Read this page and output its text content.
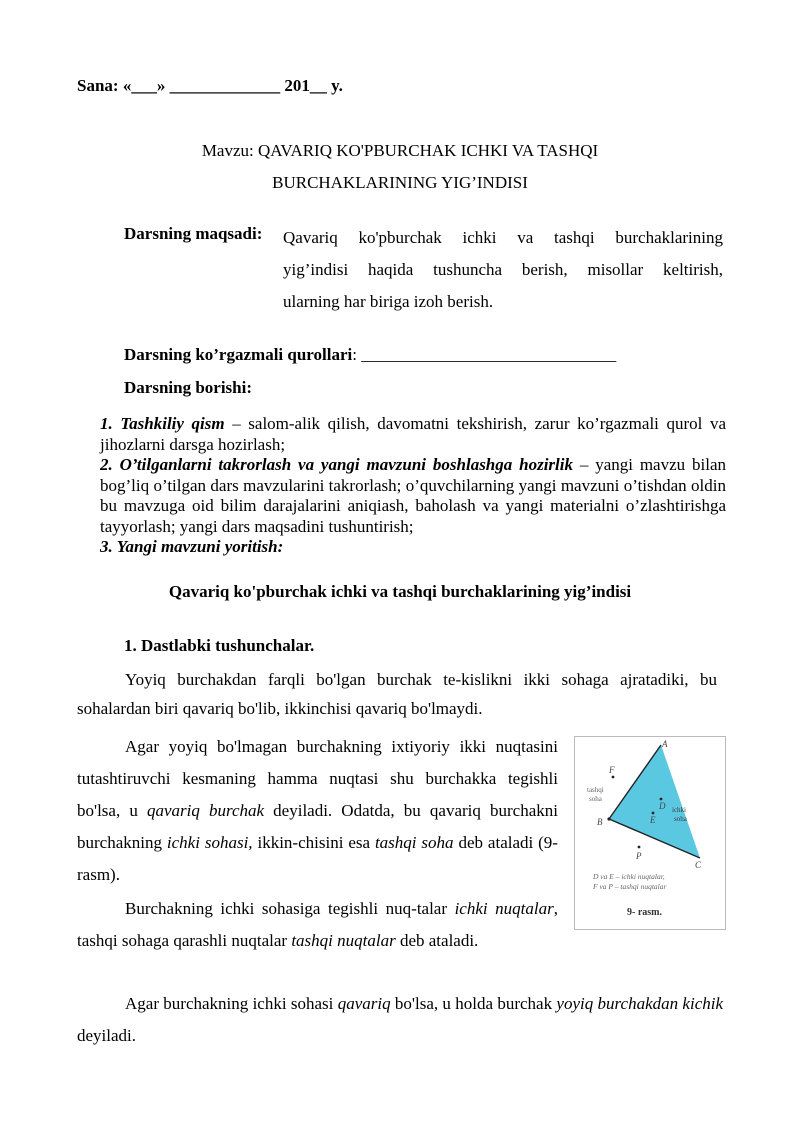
Sana: «___» _____________ 201__ y.
Mavzu: QAVARIQ KO'PBURCHAK ICHKI VA TASHQI
BURCHAKLARINING YIG’INDISI
Darsning maqsadi: Qavariq ko'pburchak ichki va tashqi burchaklarining
yig’indisi haqida tushuncha berish, misollar keltirish,
ularning har biriga izoh berish.
Darsning ko’rgazmali qurollari: ______________________________
Darsning borishi:
1. Tashkiliy qism – salom-alik qilish, davomatni tekshirish, zarur ko’rgazmali qurol va jihozlarni darsga hozirlash;
2. O’tilganlarni takrorlash va yangi mavzuni boshlashga hozirlik – yangi mavzu bilan bog’liq o’tilgan dars mavzularini takrorlash; o’quvchilarning yangi mavzuni o’tishdan oldin bu mavzuga oid bilim darajalarini aniqiash, baholash va yangi materialni o’zlashtirishga tayyorlash; yangi dars maqsadini tushuntirish;
3. Yangi mavzuni yoritish:
Qavariq ko'pburchak ichki va tashqi burchaklarining yig’indisi
1. Dastlabki tushunchalar.
Yoyiq burchakdan farqli bo'lgan burchak te-kislikni ikki sohaga ajratadiki, bu sohalardan biri qavariq bo'lib, ikkinchisi qavariq bo'lmaydi.
Agar yoyiq bo'lmagan burchakning ixtiyoriy ikki nuqtasini tutashtiruvchi kesmaning hamma nuqtasi shu burchakka tegishli bo'lsa, u qavariq burchak deyiladi. Odatda, bu qavariq burchakni burchakning ichki sohasi, ikkin-chisini esa tashqi soha deb ataladi (9- rasm).
Burchakning ichki sohasiga tegishli nuq-talar ichki nuqtalar, tashqi sohaga qarashli nuqtalar tashqi nuqtalar deb ataladi.
Agar burchakning ichki sohasi qavariq bo'lsa, u holda burchak yoyiq burchakdan kichik deyiladi.
A
B
C
D
E
F
P
tashqi
soha
ichki
soha
D va E – ichki nuqtalar,
F va P – tashqi nuqtalar
9- rasm.
